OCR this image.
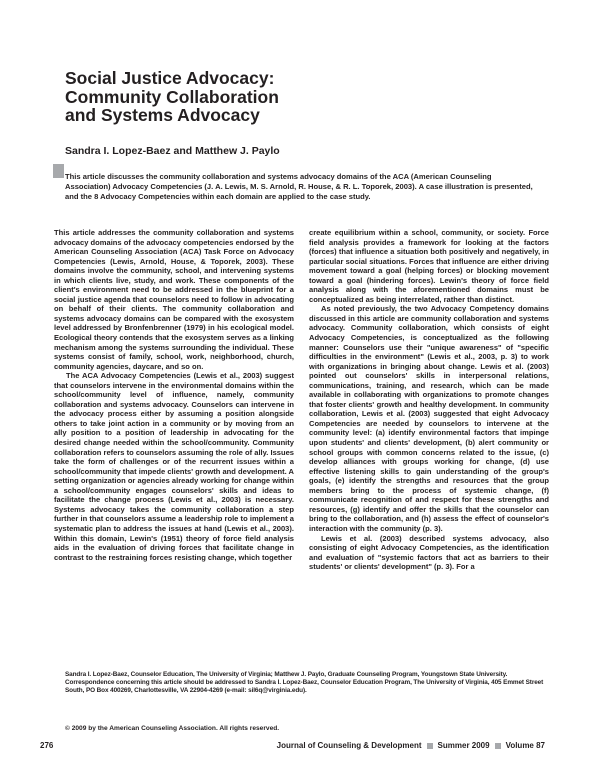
Social Justice Advocacy:
Community Collaboration
and Systems Advocacy

Sandra I. Lopez-Baez and Matthew J. Paylo

This article discusses the community collaboration and systems advocacy domains of the ACA (American Counseling Association) Advocacy Competencies (J. A. Lewis, M. S. Arnold, R. House, & R. L. Toporek, 2003). A case illustration is presented, and the 8 Advocacy Competencies within each domain are applied to the case study.

This article addresses the community collaboration and systems advocacy domains of the advocacy competencies endorsed by the American Counseling Association (ACA) Task Force on Advocacy Competencies (Lewis, Arnold, House, & Toporek, 2003). These domains involve the community, school, and intervening systems in which clients live, study, and work. These components of the client's environment need to be addressed in the blueprint for a social justice agenda that counselors need to follow in advocating on behalf of their clients. The community collaboration and systems advocacy domains can be compared with the exosystem level addressed by Bronfenbrenner (1979) in his ecological model. Ecological theory contends that the exosystem serves as a linking mechanism among the systems surrounding the individual. These systems consist of family, school, work, neighborhood, church, community agencies, daycare, and so on.

The ACA Advocacy Competencies (Lewis et al., 2003) suggest that counselors intervene in the environmental domains within the school/community level of influence, namely, community collaboration and systems advocacy. Counselors can intervene in the advocacy process either by assuming a position alongside others to take joint action in a community or by moving from an ally position to a position of leadership in advocating for the desired change needed within the school/community. Community collaboration refers to counselors assuming the role of ally. Issues take the form of challenges or of the recurrent issues within a school/community that impede clients' growth and development. A setting organization or agencies already working for change within a school/community engages counselors' skills and ideas to facilitate the change process (Lewis et al., 2003) is necessary. Systems advocacy takes the community collaboration a step further in that counselors assume a leadership role to implement a systematic plan to address the issues at hand (Lewis et al., 2003). Within this domain, Lewin's (1951) theory of force field analysis aids in the evaluation of driving forces that facilitate change in contrast to the restraining forces resisting change, which together

create equilibrium within a school, community, or society. Force field analysis provides a framework for looking at the factors (forces) that influence a situation both positively and negatively, in particular social situations. Forces that influence are either driving movement toward a goal (helping forces) or blocking movement toward a goal (hindering forces). Lewin's theory of force field analysis along with the aforementioned domains must be conceptualized as being interrelated, rather than distinct.

As noted previously, the two Advocacy Competency domains discussed in this article are community collaboration and systems advocacy. Community collaboration, which consists of eight Advocacy Competencies, is conceptualized as the following manner: Counselors use their "unique awareness" of "specific difficulties in the environment" (Lewis et al., 2003, p. 3) to work with organizations in bringing about change. Lewis et al. (2003) pointed out counselors' skills in interpersonal relations, communications, training, and research, which can be made available in collaborating with organizations to promote changes that foster clients' growth and healthy development. In community collaboration, Lewis et al. (2003) suggested that eight Advocacy Competencies are needed by counselors to intervene at the community level: (a) identify environmental factors that impinge upon students' and clients' development, (b) alert community or school groups with common concerns related to the issue, (c) develop alliances with groups working for change, (d) use effective listening skills to gain understanding of the group's goals, (e) identify the strengths and resources that the group members bring to the process of systemic change, (f) communicate recognition of and respect for these strengths and resources, (g) identify and offer the skills that the counselor can bring to the collaboration, and (h) assess the effect of counselor's interaction with the community (p. 3).

Lewis et al. (2003) described systems advocacy, also consisting of eight Advocacy Competencies, as the identification and evaluation of "systemic factors that act as barriers to their students' or clients' development" (p. 3). For a

Sandra I. Lopez-Baez, Counselor Education, The University of Virginia; Matthew J. Paylo, Graduate Counseling Program, Youngstown State University. Correspondence concerning this article should be addressed to Sandra I. Lopez-Baez, Counselor Education Program, The University of Virginia, 405 Emmet Street South, PO Box 400269, Charlottesville, VA 22904-4269 (e-mail: sil6q@virginia.edu).

© 2009 by the American Counseling Association. All rights reserved.

276	Journal of Counseling & Development Summer 2009 Volume 87
